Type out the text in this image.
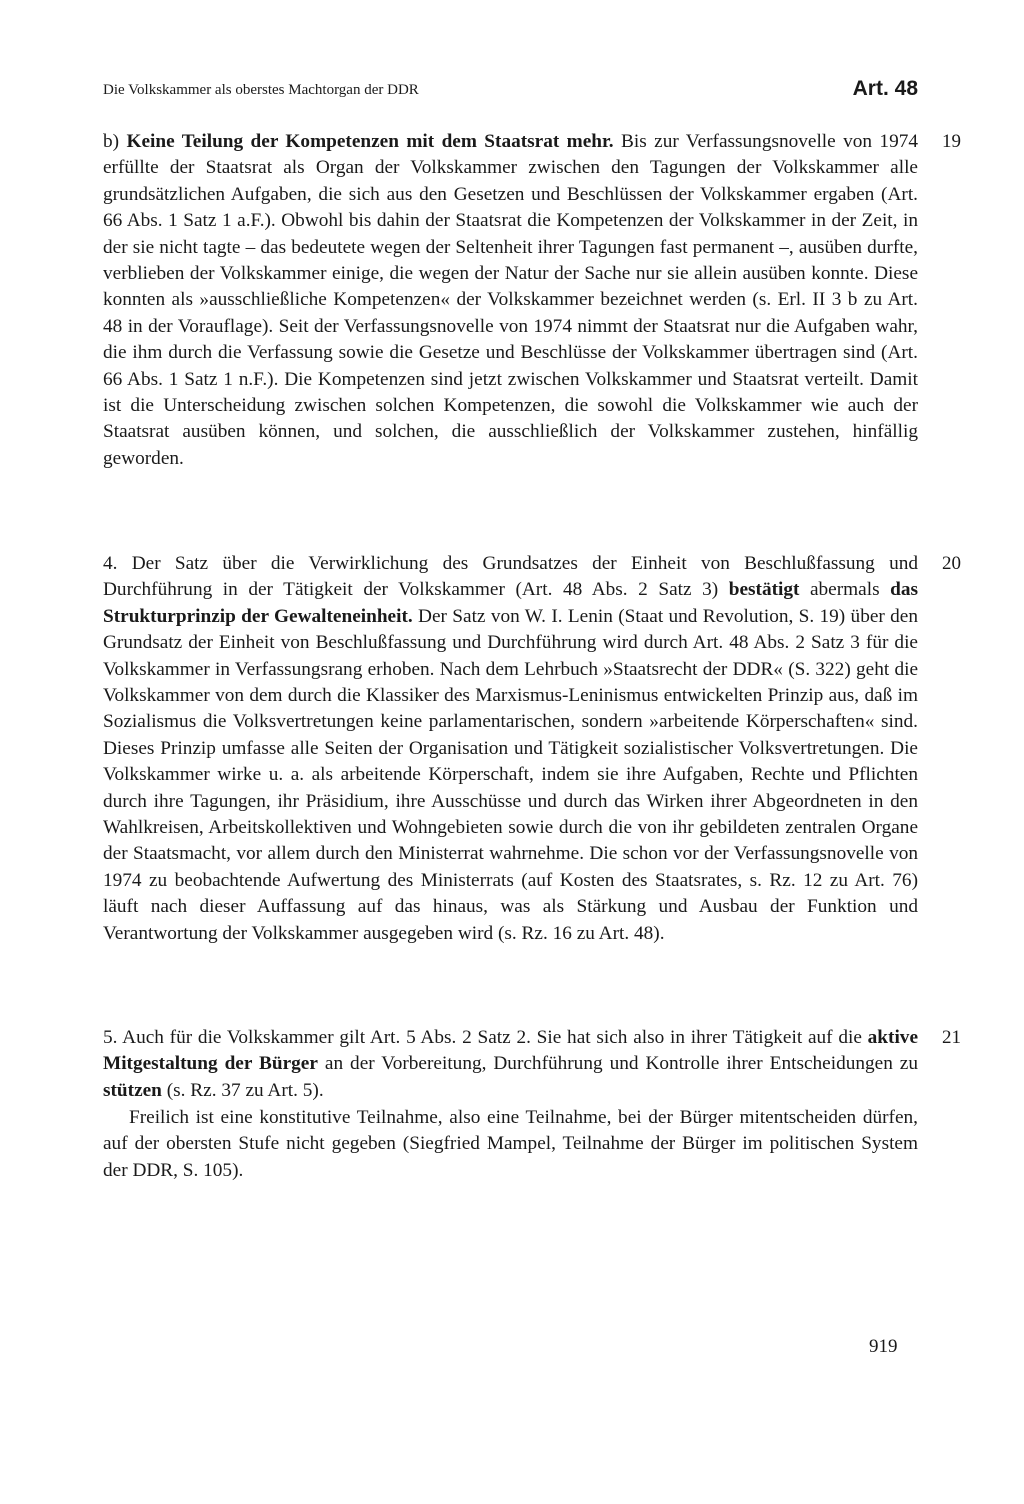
Die Volkskammer als oberstes Machtorgan der DDR	Art. 48
19

b) Keine Teilung der Kompetenzen mit dem Staatsrat mehr. Bis zur Verfassungsnovelle von 1974 erfüllte der Staatsrat als Organ der Volkskammer zwischen den Tagungen der Volkskammer alle grundsätzlichen Aufgaben, die sich aus den Gesetzen und Beschlüssen der Volkskammer ergaben (Art. 66 Abs. 1 Satz 1 a.F.). Obwohl bis dahin der Staatsrat die Kompetenzen der Volkskammer in der Zeit, in der sie nicht tagte – das bedeutete wegen der Seltenheit ihrer Tagungen fast permanent –, ausüben durfte, verblieben der Volkskammer einige, die wegen der Natur der Sache nur sie allein ausüben konnte. Diese konnten als »ausschließliche Kompetenzen« der Volkskammer bezeichnet werden (s. Erl. II 3 b zu Art. 48 in der Vorauflage). Seit der Verfassungsnovelle von 1974 nimmt der Staatsrat nur die Aufgaben wahr, die ihm durch die Verfassung sowie die Gesetze und Beschlüsse der Volkskammer übertragen sind (Art. 66 Abs. 1 Satz 1 n.F.). Die Kompetenzen sind jetzt zwischen Volkskammer und Staatsrat verteilt. Damit ist die Unterscheidung zwischen solchen Kompetenzen, die sowohl die Volkskammer wie auch der Staatsrat ausüben können, und solchen, die ausschließlich der Volkskammer zustehen, hinfällig geworden.

20

4. Der Satz über die Verwirklichung des Grundsatzes der Einheit von Beschlußfassung und Durchführung in der Tätigkeit der Volkskammer (Art. 48 Abs. 2 Satz 3) bestätigt abermals das Strukturprinzip der Gewalteneinheit. Der Satz von W. I. Lenin (Staat und Revolution, S. 19) über den Grundsatz der Einheit von Beschlußfassung und Durchführung wird durch Art. 48 Abs. 2 Satz 3 für die Volkskammer in Verfassungsrang erhoben. Nach dem Lehrbuch »Staatsrecht der DDR« (S. 322) geht die Volkskammer von dem durch die Klassiker des Marxismus-Leninismus entwickelten Prinzip aus, daß im Sozialismus die Volksvertretungen keine parlamentarischen, sondern »arbeitende Körperschaften« sind. Dieses Prinzip umfasse alle Seiten der Organisation und Tätigkeit sozialistischer Volksvertretungen. Die Volkskammer wirke u. a. als arbeitende Körperschaft, indem sie ihre Aufgaben, Rechte und Pflichten durch ihre Tagungen, ihr Präsidium, ihre Ausschüsse und durch das Wirken ihrer Abgeordneten in den Wahlkreisen, Arbeitskollektiven und Wohngebieten sowie durch die von ihr gebildeten zentralen Organe der Staatsmacht, vor allem durch den Ministerrat wahrnehme. Die schon vor der Verfassungsnovelle von 1974 zu beobachtende Aufwertung des Ministerrats (auf Kosten des Staatsrates, s. Rz. 12 zu Art. 76) läuft nach dieser Auffassung auf das hinaus, was als Stärkung und Ausbau der Funktion und Verantwortung der Volkskammer ausgegeben wird (s. Rz. 16 zu Art. 48).

21

5. Auch für die Volkskammer gilt Art. 5 Abs. 2 Satz 2. Sie hat sich also in ihrer Tätigkeit auf die aktive Mitgestaltung der Bürger an der Vorbereitung, Durchführung und Kontrolle ihrer Entscheidungen zu stützen (s. Rz. 37 zu Art. 5).

Freilich ist eine konstitutive Teilnahme, also eine Teilnahme, bei der Bürger mitentscheiden dürfen, auf der obersten Stufe nicht gegeben (Siegfried Mampel, Teilnahme der Bürger im politischen System der DDR, S. 105).

919
